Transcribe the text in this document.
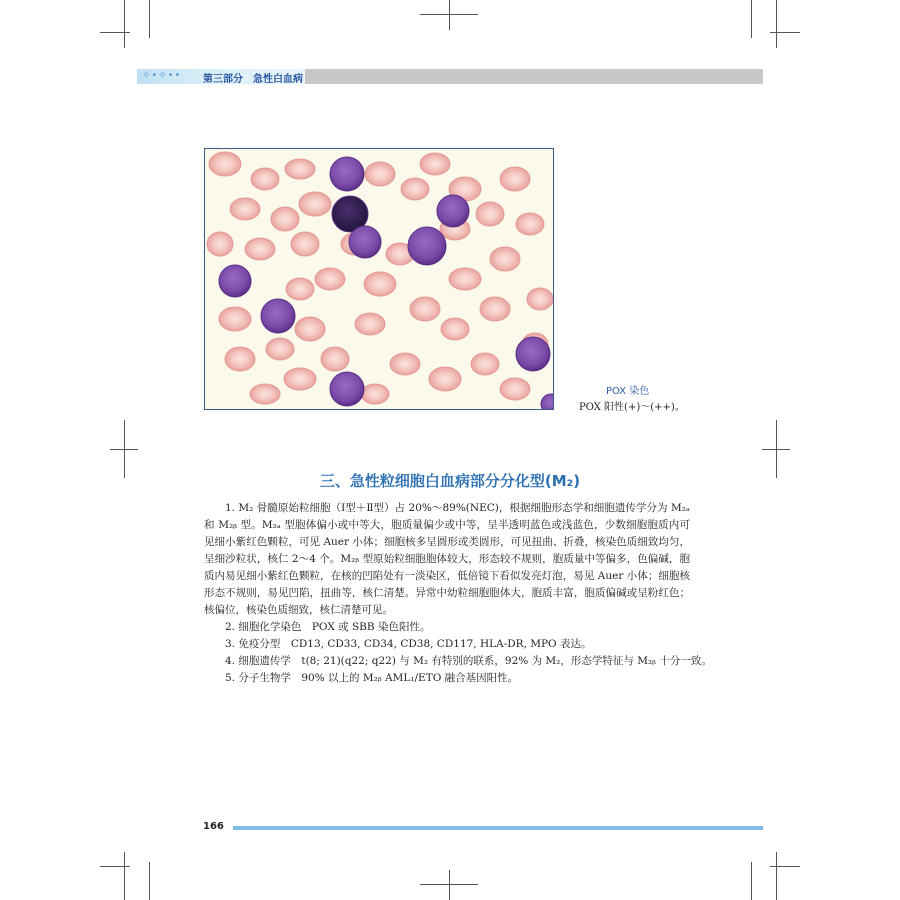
✧•✧•• 第三部分　急性白血病
POX 染色
POX 阳性(+)～(++)。
三、急性粒细胞白血病部分分化型(M₂)

1. M₂ 骨髓原始粒细胞（Ⅰ型＋Ⅱ型）占 20%～89%(NEC)，根据细胞形态学和细胞遗传学分为 M₂ₐ 和 M₂ᵦ 型。M₂ₐ 型胞体偏小或中等大，胞质量偏少或中等，呈半透明蓝色或浅蓝色，少数细胞胞质内可见细小紫红色颗粒，可见 Auer 小体；细胞核多呈圆形或类圆形，可见扭曲、折叠，核染色质细致均匀，呈细沙粒状，核仁 2～4 个。M₂ᵦ 型原始粒细胞胞体较大，形态较不规则，胞质量中等偏多，色偏碱，胞质内易见细小紫红色颗粒，在核的凹陷处有一淡染区，低倍镜下看似发亮灯泡，易见 Auer 小体；细胞核形态不规则，易见凹陷，扭曲等，核仁清楚。异常中幼粒细胞胞体大，胞质丰富，胞质偏碱或呈粉红色；核偏位，核染色质细致，核仁清楚可见。

2. 细胞化学染色　POX 或 SBB 染色阳性。

3. 免疫分型　CD13, CD33, CD34, CD38, CD117, HLA-DR, MPO 表达。

4. 细胞遗传学　t(8; 21)(q22; q22) 与 M₂ 有特别的联系，92% 为 M₂，形态学特征与 M₂ᵦ 十分一致。

5. 分子生物学　90% 以上的 M₂ᵦ AML₁/ETO 融合基因阳性。

166
